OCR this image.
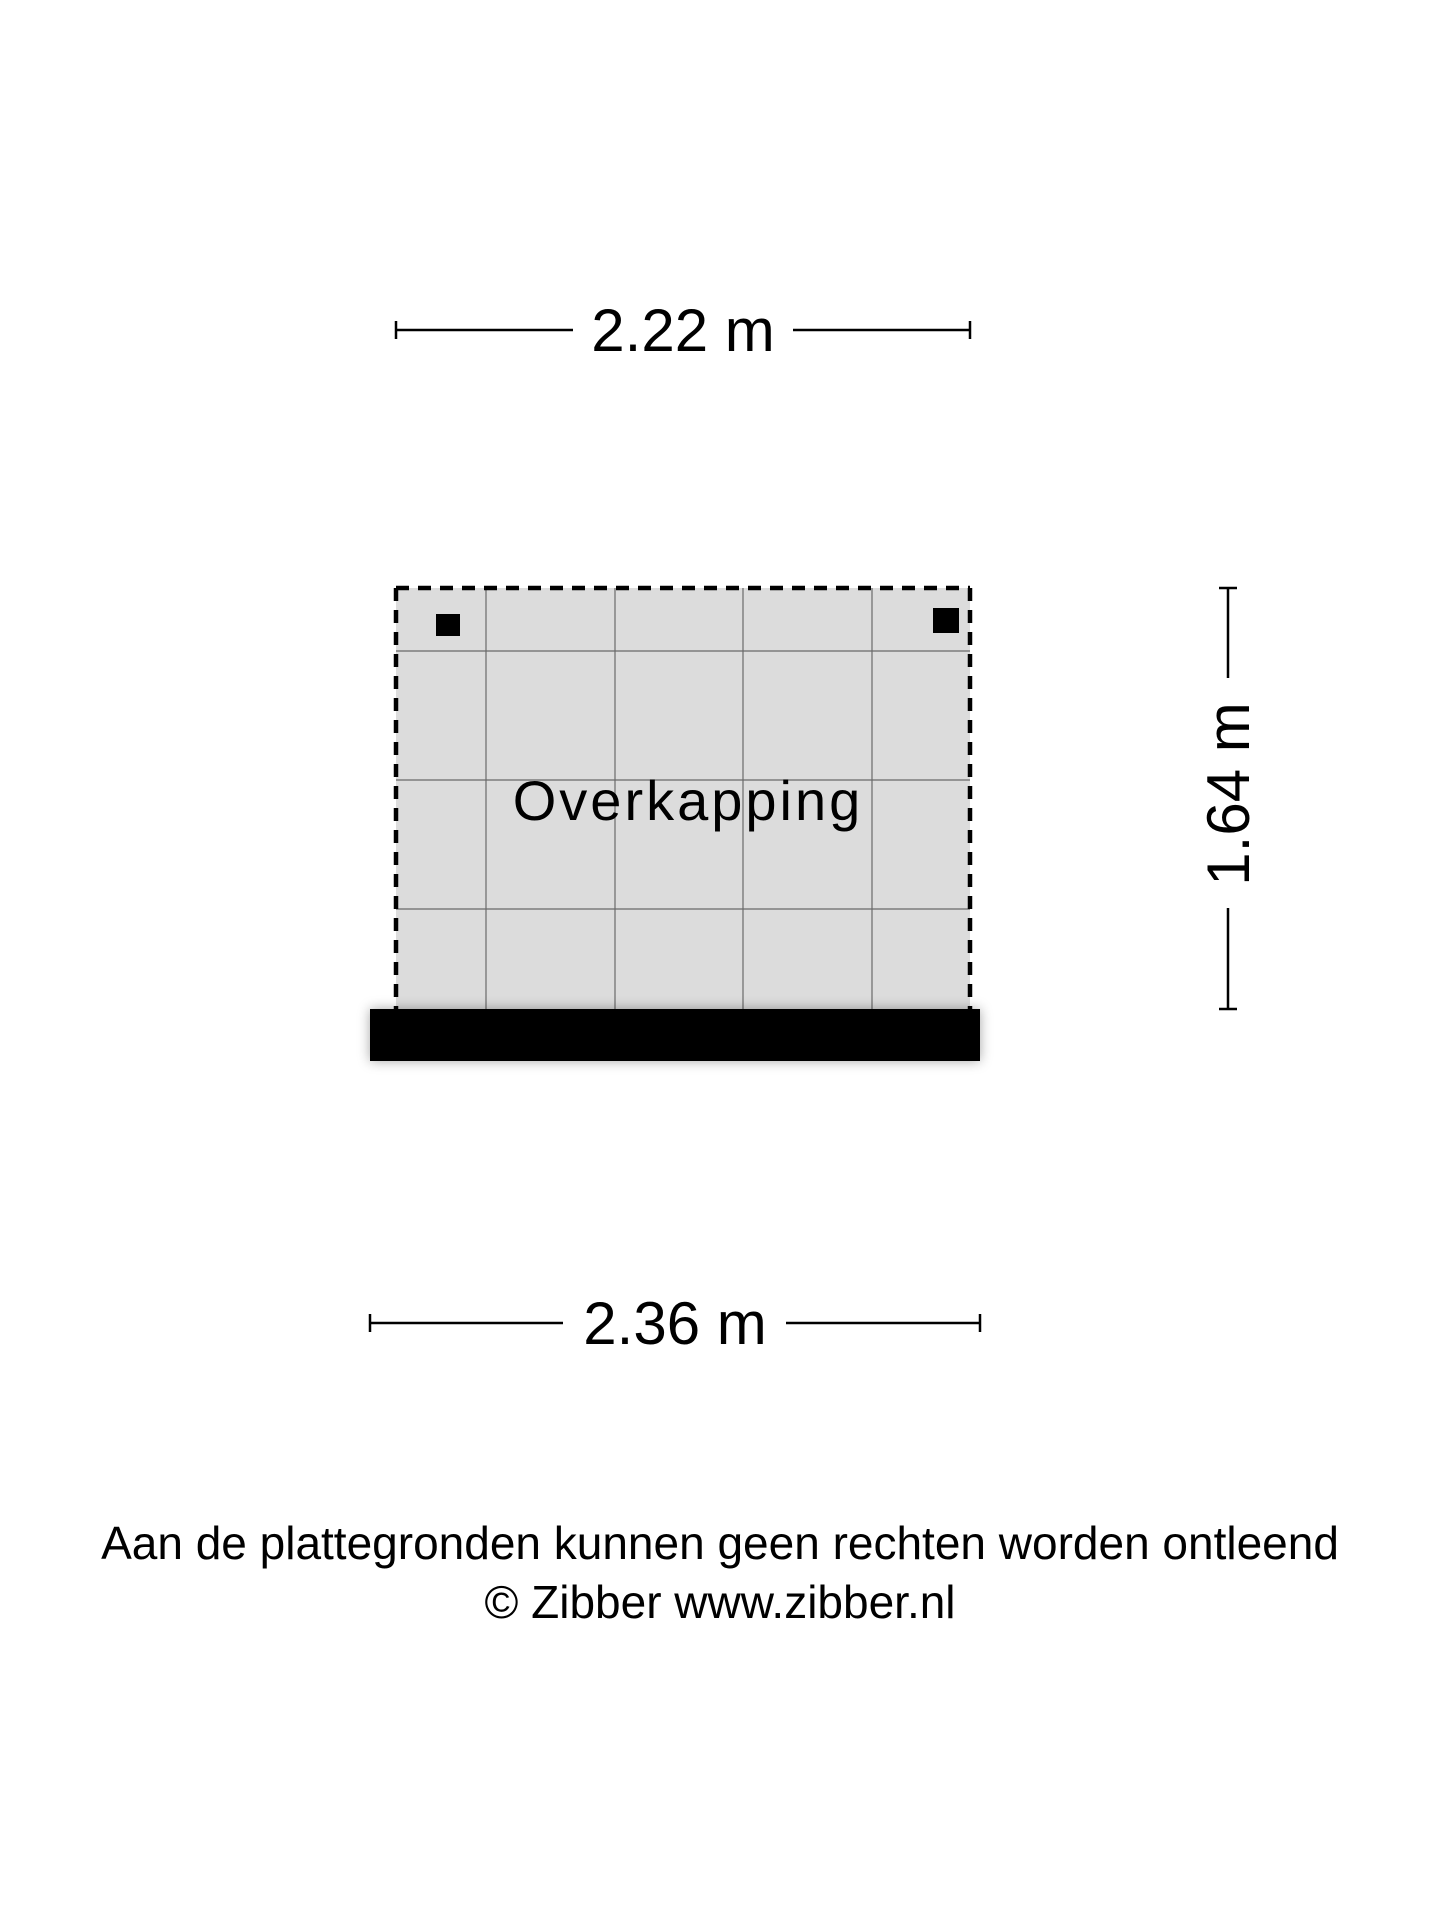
2.22 m
Overkapping	1.64 m
2.36 m
Aan de plattegronden kunnen geen rechten worden ontleend
© Zibber www.zibber.nl
